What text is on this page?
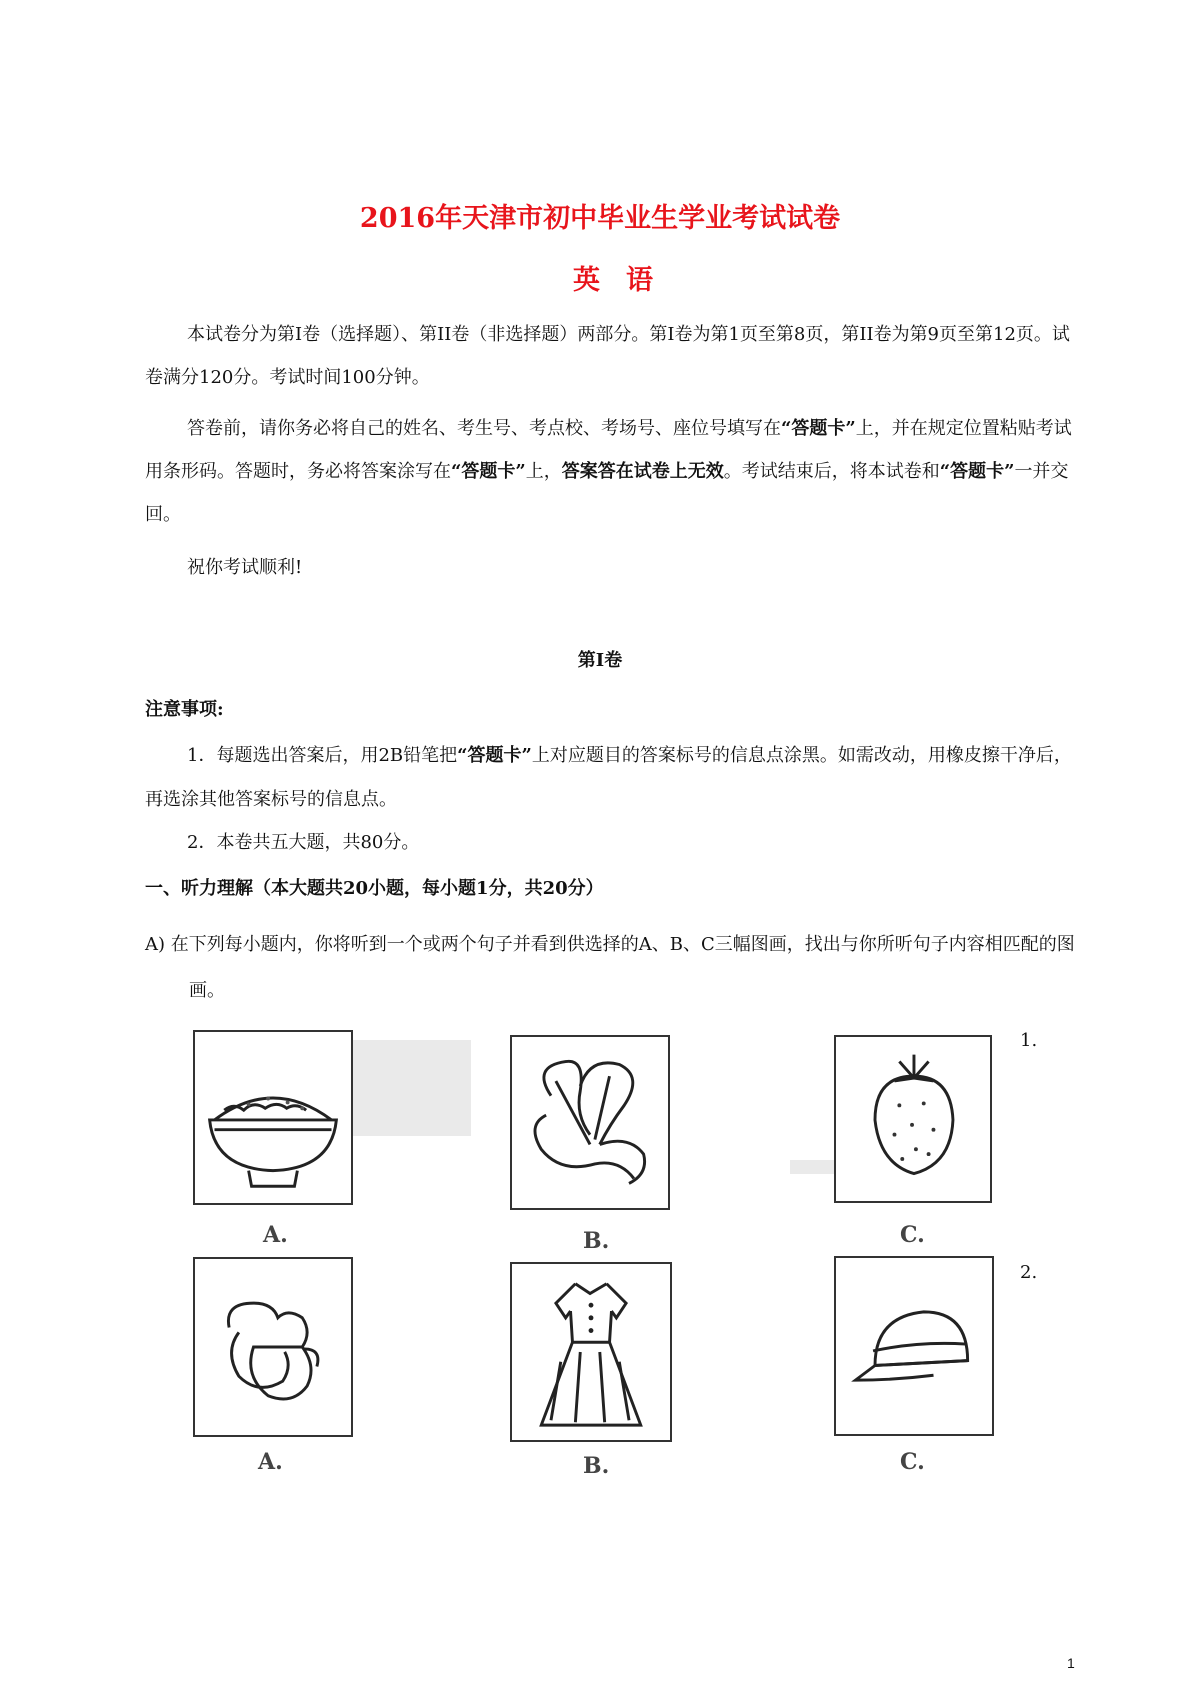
2016年天津市初中毕业生学业考试试卷
英语
本试卷分为第Ⅰ卷（选择题）、第II卷（非选择题）两部分。第Ⅰ卷为第1页至第8页，第II卷为第9页至第12页。试卷满分120分。考试时间100分钟。
答卷前，请你务必将自己的姓名、考生号、考点校、考场号、座位号填写在“答题卡”上，并在规定位置粘贴考试用条形码。答题时，务必将答案涂写在“答题卡”上，答案答在试卷上无效。考试结束后，将本试卷和“答题卡”一并交回。
祝你考试顺利!
第Ⅰ卷
注意事项:
1．每题选出答案后，用2B铅笔把“答题卡”上对应题目的答案标号的信息点涂黑。如需改动，用橡皮擦干净后，再选涂其他答案标号的信息点。
2．本卷共五大题，共80分。
一、听力理解（本大题共20小题，每小题1分，共20分）
A) 在下列每小题内，你将听到一个或两个句子并看到供选择的A、B、C三幅图画，找出与你所听句子内容相匹配的图画。
1.
A.	B.	C.
2.
A.	B.	C.
1
